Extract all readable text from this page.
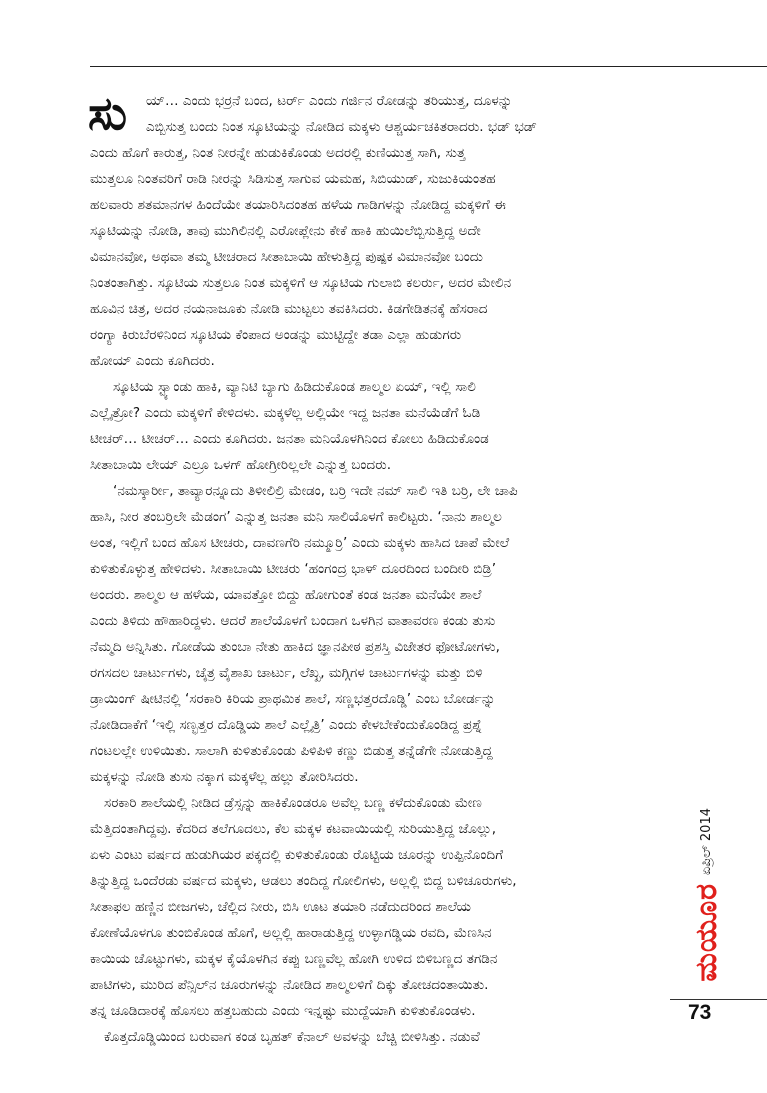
ಸು	ಯ್… ಎಂದು ಭರ್ರನೆ ಬಂದ, ಟರ್ರ್ ಎಂದು ಗರ್ಜಿನ ರೋಡನ್ನು ತರಿಯುತ್ತ, ದೂಳನ್ನು
ಎಬ್ಬಿಸುತ್ತ ಬಂದು ನಿಂತ ಸ್ಕೂಟಿಯನ್ನು ನೋಡಿದ ಮಕ್ಕಳು ಆಶ್ಚರ್ಯಚಕಿತರಾದರು. ಭಡ್ ಭಡ್
ಎಂದು ಹೊಗೆ ಕಾರುತ್ತ, ನಿಂತ ನೀರನ್ನೇ ಹುಡುಕಿಕೊಂಡು ಅದರಲ್ಲಿ ಕುಣಿಯುತ್ತ ಸಾಗಿ, ಸುತ್ತ
ಮುತ್ತಲೂ ನಿಂತವರಿಗೆ ರಾಡಿ ನೀರನ್ನು ಸಿಡಿಸುತ್ತ ಸಾಗುವ ಯಮಹ, ಸಿಬಿಯುಡ್, ಸುಜುಕಿಯಂತಹ
ಹಲವಾರು ಶತಮಾನಗಳ ಹಿಂದೆಯೇ ತಯಾರಿಸಿದಂತಹ ಹಳೆಯ ಗಾಡಿಗಳನ್ನು ನೋಡಿದ್ದ ಮಕ್ಕಳಿಗೆ ಈ
ಸ್ಕೂಟಿಯನ್ನು ನೋಡಿ, ತಾವು ಮುಗಿಲಿನಲ್ಲಿ ಎರೋಪ್ಲೇನು ಕೇಕೆ ಹಾಕಿ ಹುಯಿಲೆಬ್ಬಿಸುತ್ತಿದ್ದ ಅದೇ
ವಿಮಾನವೋ, ಅಥವಾ ತಮ್ಮ ಟೀಚರಾದ ಸೀತಾಬಾಯಿ ಹೇಳುತ್ತಿದ್ದ ಪುಷ್ಪಕ ವಿಮಾನವೋ ಬಂದು
ನಿಂತಂತಾಗಿತ್ತು. ಸ್ಕೂಟಿಯ ಸುತ್ತಲೂ ನಿಂತ ಮಕ್ಕಳಿಗೆ ಆ ಸ್ಕೂಟಿಯ ಗುಲಾಬಿ ಕಲರ್ರು, ಅದರ ಮೇಲಿನ
ಹೂವಿನ ಚಿತ್ರ, ಅದರ ನಯನಾಜೂಕು ನೋಡಿ ಮುಟ್ಟಲು ತವಕಿಸಿದರು. ಕಿಡಗೇಡಿತನಕ್ಕೆ ಹೆಸರಾದ
ರಂಗ್ಯಾ ಕಿರುಬೆರಳಿನಿಂದ ಸ್ಕೂಟಿಯ ಕೆಂಪಾದ ಅಂಡನ್ನು ಮುಟ್ಟಿದ್ದೇ ತಡಾ ಎಲ್ಲಾ ಹುಡುಗರು
ಹೋಯ್ ಎಂದು ಕೂಗಿದರು.
ಸ್ಕೂಟಿಯ ಸ್ಟ್ಯಾಂಡು ಹಾಕಿ, ವ್ಯಾನಿಟಿ ಬ್ಯಾಗು ಹಿಡಿದುಕೊಂಡ ಶಾಲ್ಮಲ ಏಯ್, ಇಲ್ಲಿ ಸಾಲಿ
ಎಲ್ಲೈತ್ರೋ? ಎಂದು ಮಕ್ಕಳಿಗೆ ಕೇಳಿದಳು. ಮಕ್ಕಳೆಲ್ಲ ಅಲ್ಲಿಯೇ ಇದ್ದ ಜನತಾ ಮನೆಯೆಡೆಗೆ ಓಡಿ
ಟೀಚರ್… ಟೀಚರ್… ಎಂದು ಕೂಗಿದರು. ಜನತಾ ಮನಿಯೊಳಗಿನಿಂದ ಕೋಲು ಹಿಡಿದುಕೊಂಡ
ಸೀತಾಬಾಯಿ ಲೇಯ್ ಎಲ್ರೂ ಒಳಗ್ ಹೋಗ್ರೀರಿಲ್ಲಲೇ ಎನ್ನುತ್ತ ಬಂದರು.
‘ನಮಸ್ಕಾರ್ರೀ, ತಾವ್ಯಾರನ್ನೂದು ತಿಳೀಲಿಲ್ರಿ ಮೇಡಂ, ಬರ್ರಿ ಇದೇ ನಮ್ ಸಾಲಿ ಇತಿ ಬರ್ರಿ, ಲೇ ಚಾಪಿ
ಹಾಸಿ, ನೀರ ತಂಬರ್ರಿಲೇ ಮೆಡಂಗ’ ಎನ್ನುತ್ತ ಜನತಾ ಮನಿ ಸಾಲಿಯೊಳಗೆ ಕಾಲಿಟ್ಟರು. ‘ನಾನು ಶಾಲ್ಮಲ
ಅಂತ, ಇಲ್ಲಿಗೆ ಬಂದ ಹೊಸ ಟೀಚರು, ದಾವಣಗೆರಿ ನಮ್ಮೂರ್ರಿ’ ಎಂದು ಮಕ್ಕಳು ಹಾಸಿದ ಚಾಪೆ ಮೇಲೆ
ಕುಳಿತುಕೊಳ್ಳುತ್ತ ಹೇಳಿದಳು. ಸೀತಾಬಾಯಿ ಟೀಚರು ‘ಹಂಗಂದ್ರ ಭಾಳ್ ದೂರದಿಂದ ಬಂದೀರಿ ಬಿಡ್ರಿ’
ಅಂದರು. ಶಾಲ್ಮಲ ಆ ಹಳೆಯ, ಯಾವತ್ತೋ ಬಿದ್ದು ಹೋಗುಂತೆ ಕಂಡ ಜನತಾ ಮನೆಯೇ ಶಾಲೆ
ಎಂದು ತಿಳಿದು ಹೌಹಾರಿದ್ದಳು. ಆದರೆ ಶಾಲೆಯೊಳಗೆ ಬಂದಾಗ ಒಳಗಿನ ವಾತಾವರಣ ಕಂಡು ತುಸು
ನೆಮ್ಮದಿ ಅನ್ನಿಸಿತು. ಗೋಡೆಯ ತುಂಬಾ ನೇತು ಹಾಕಿದ ಜ್ಞಾನಪೀಠ ಪ್ರಶಸ್ತಿ ವಿಜೇತರ ಫೋಟೋಗಳು,
ರಗಸದಲ ಚಾರ್ಟುಗಳು, ಚೈತ್ರ ವೈಶಾಖ ಚಾರ್ಟು, ಲೆಖ್ಖ, ಮಗ್ಗಿಗಳ ಚಾರ್ಟುಗಳನ್ನು ಮತ್ತು ಬಿಳಿ
ಡ್ರಾಯಿಂಗ್ ಷೀಟಿನಲ್ಲಿ ‘ಸರಕಾರಿ ಕಿರಿಯ ಪ್ರಾಥಮಿಕ ಶಾಲೆ, ಸಣ್ಣಭತ್ತರದೊಡ್ಡಿ’ ಎಂಬ ಬೋರ್ಡನ್ನು
ನೋಡಿದಾಕೆಗೆ ‘ಇಲ್ಲಿ ಸಣ್ಭತ್ತರ ದೊಡ್ಡಿಯ ಶಾಲೆ ಎಲ್ಲೈತ್ರಿ’ ಎಂದು ಕೇಳಬೇಕೆಂದುಕೊಂಡಿದ್ದ ಪ್ರಶ್ನೆ
ಗಂಟಲಲ್ಲೇ ಉಳಿಯಿತು. ಸಾಲಾಗಿ ಕುಳಿತುಕೊಂಡು ಪಿಳಿಪಿಳಿ ಕಣ್ಣು ಬಿಡುತ್ತ ತನ್ನೆಡೆಗೇ ನೋಡುತ್ತಿದ್ದ
ಮಕ್ಕಳನ್ನು ನೋಡಿ ತುಸು ನಕ್ಕಾಗ ಮಕ್ಕಳೆಲ್ಲ ಹಲ್ಲು ತೋರಿಸಿದರು.
ಸರಕಾರಿ ಶಾಲೆಯಲ್ಲಿ ನೀಡಿದ ಡ್ರೆಸ್ಸನ್ನು ಹಾಕಿಕೊಂಡರೂ ಅವೆಲ್ಲ ಬಣ್ಣ ಕಳೆದುಕೊಂಡು ಮೇಣ
ಮೆತ್ತಿದಂತಾಗಿದ್ದವು. ಕೆದರಿದ ತಲೆಗೂದಲು, ಕೆಲ ಮಕ್ಕಳ ಕಟವಾಯಿಯಲ್ಲಿ ಸುರಿಯುತ್ತಿದ್ದ ಜೊಲ್ಲು,
ಏಳು ಎಂಟು ವರ್ಷದ ಹುಡುಗಿಯರ ಪಕ್ಕದಲ್ಲಿ ಕುಳಿತುಕೊಂಡು ರೊಟ್ಟಿಯ ಚೂರನ್ನು ಉಪ್ಪಿನೊಂದಿಗೆ
ತಿನ್ನುತ್ತಿದ್ದ ಒಂದೆರಡು ವರ್ಷದ ಮಕ್ಕಳು, ಆಡಲು ತಂದಿದ್ದ ಗೋಲಿಗಳು, ಅಲ್ಲಲ್ಲಿ ಬಿದ್ದ ಬಳಿಚೂರುಗಳು,
ಸೀತಾಫಲ ಹಣ್ಣಿನ ಬೀಜಗಳು, ಚೆಲ್ಲಿದ ನೀರು, ಬಿಸಿ ಊಟ ತಯಾರಿ ನಡೆದುದರಿಂದ ಶಾಲೆಯ
ಕೋಣೆಯೊಳಗೂ ತುಂಬಿಕೊಂಡ ಹೊಗೆ, ಅಲ್ಲಲ್ಲಿ ಹಾರಾಡುತ್ತಿದ್ದ ಉಳ್ಳಾಗಡ್ಡಿಯ ರವದಿ, ಮೆಣಸಿನ
ಕಾಯಿಯ ಚೊಟ್ಟುಗಳು, ಮಕ್ಕಳ ಕೈಯೊಳಗಿನ ಕಪ್ಪು ಬಣ್ಣವೆಲ್ಲ ಹೋಗಿ ಉಳಿದ ಬಿಳಿಬಣ್ಣದ ತಗಡಿನ
ಪಾಟಿಗಳು, ಮುರಿದ ಪೆನ್ಸಿಲ್‌ನ ಚೂರುಗಳನ್ನು ನೋಡಿದ ಶಾಲ್ಮಲಳಿಗೆ ದಿಕ್ಕು ತೋಚದಂತಾಯಿತು.
ತನ್ನ ಚೂಡಿದಾರಕ್ಕೆ ಹೊಸಲು ಹತ್ತಬಹುದು ಎಂದು ಇನ್ನಷ್ಟು ಮುದ್ದೆಯಾಗಿ ಕುಳಿತುಕೊಂಡಳು.
ಕೊತ್ತದೊಡ್ಡಿಯಿಂದ ಬರುವಾಗ ಕಂಡ ಬೃಹತ್ ಕೆನಾಲ್ ಅವಳನ್ನು ಬೆಚ್ಚಿ ಬೀಳಿಸಿತ್ತು. ನಡುವೆ
ಏಪ್ರಿಲ್ 2014
ಮಯೂರ
73
